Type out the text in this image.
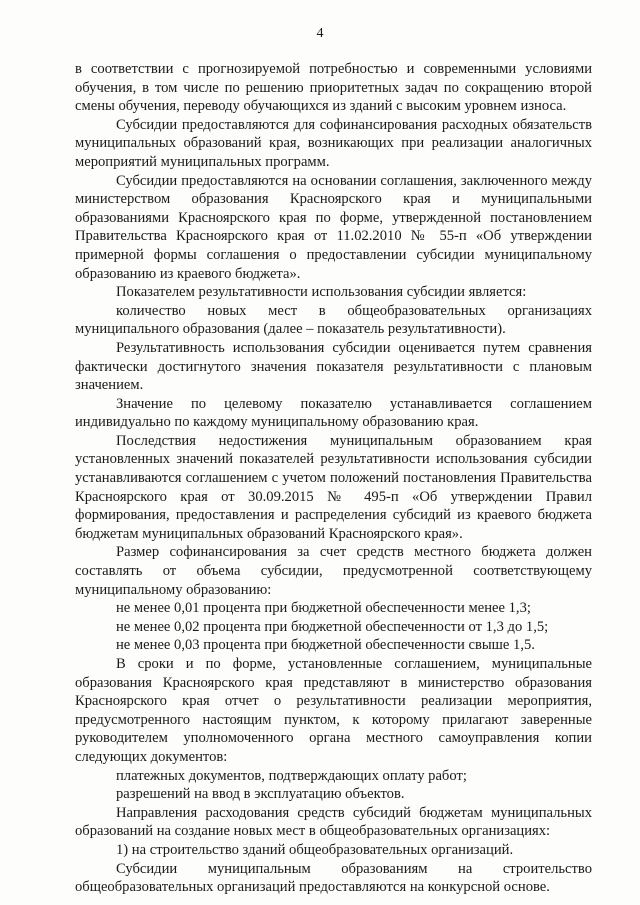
4

в соответствии с прогнозируемой потребностью и современными условиями обучения, в том числе по решению приоритетных задач по сокращению второй смены обучения, переводу обучающихся из зданий с высоким уровнем износа.

Субсидии предоставляются для софинансирования расходных обязательств муниципальных образований края, возникающих при реализации аналогичных мероприятий муниципальных программ.

Субсидии предоставляются на основании соглашения, заключенного между министерством образования Красноярского края и муниципальными образованиями Красноярского края по форме, утвержденной постановлением Правительства Красноярского края от 11.02.2010 № 55-п «Об утверждении примерной формы соглашения о предоставлении субсидии муниципальному образованию из краевого бюджета».

Показателем результативности использования субсидии является:

количество новых мест в общеобразовательных организациях муниципального образования (далее – показатель результативности).

Результативность использования субсидии оценивается путем сравнения фактически достигнутого значения показателя результативности с плановым значением.

Значение по целевому показателю устанавливается соглашением индивидуально по каждому муниципальному образованию края.

Последствия недостижения муниципальным образованием края установленных значений показателей результативности использования субсидии устанавливаются соглашением с учетом положений постановления Правительства Красноярского края от 30.09.2015 № 495-п «Об утверждении Правил формирования, предоставления и распределения субсидий из краевого бюджета бюджетам муниципальных образований Красноярского края».

Размер софинансирования за счет средств местного бюджета должен составлять от объема субсидии, предусмотренной соответствующему муниципальному образованию:

не менее 0,01 процента при бюджетной обеспеченности менее 1,3;

не менее 0,02 процента при бюджетной обеспеченности от 1,3 до 1,5;

не менее 0,03 процента при бюджетной обеспеченности свыше 1,5.

В сроки и по форме, установленные соглашением, муниципальные образования Красноярского края представляют в министерство образования Красноярского края отчет о результативности реализации мероприятия, предусмотренного настоящим пунктом, к которому прилагают заверенные руководителем уполномоченного органа местного самоуправления копии следующих документов:

платежных документов, подтверждающих оплату работ;

разрешений на ввод в эксплуатацию объектов.

Направления расходования средств субсидий бюджетам муниципальных образований на создание новых мест в общеобразовательных организациях:

1) на строительство зданий общеобразовательных организаций.

Субсидии муниципальным образованиям на строительство общеобразовательных организаций предоставляются на конкурсной основе.
